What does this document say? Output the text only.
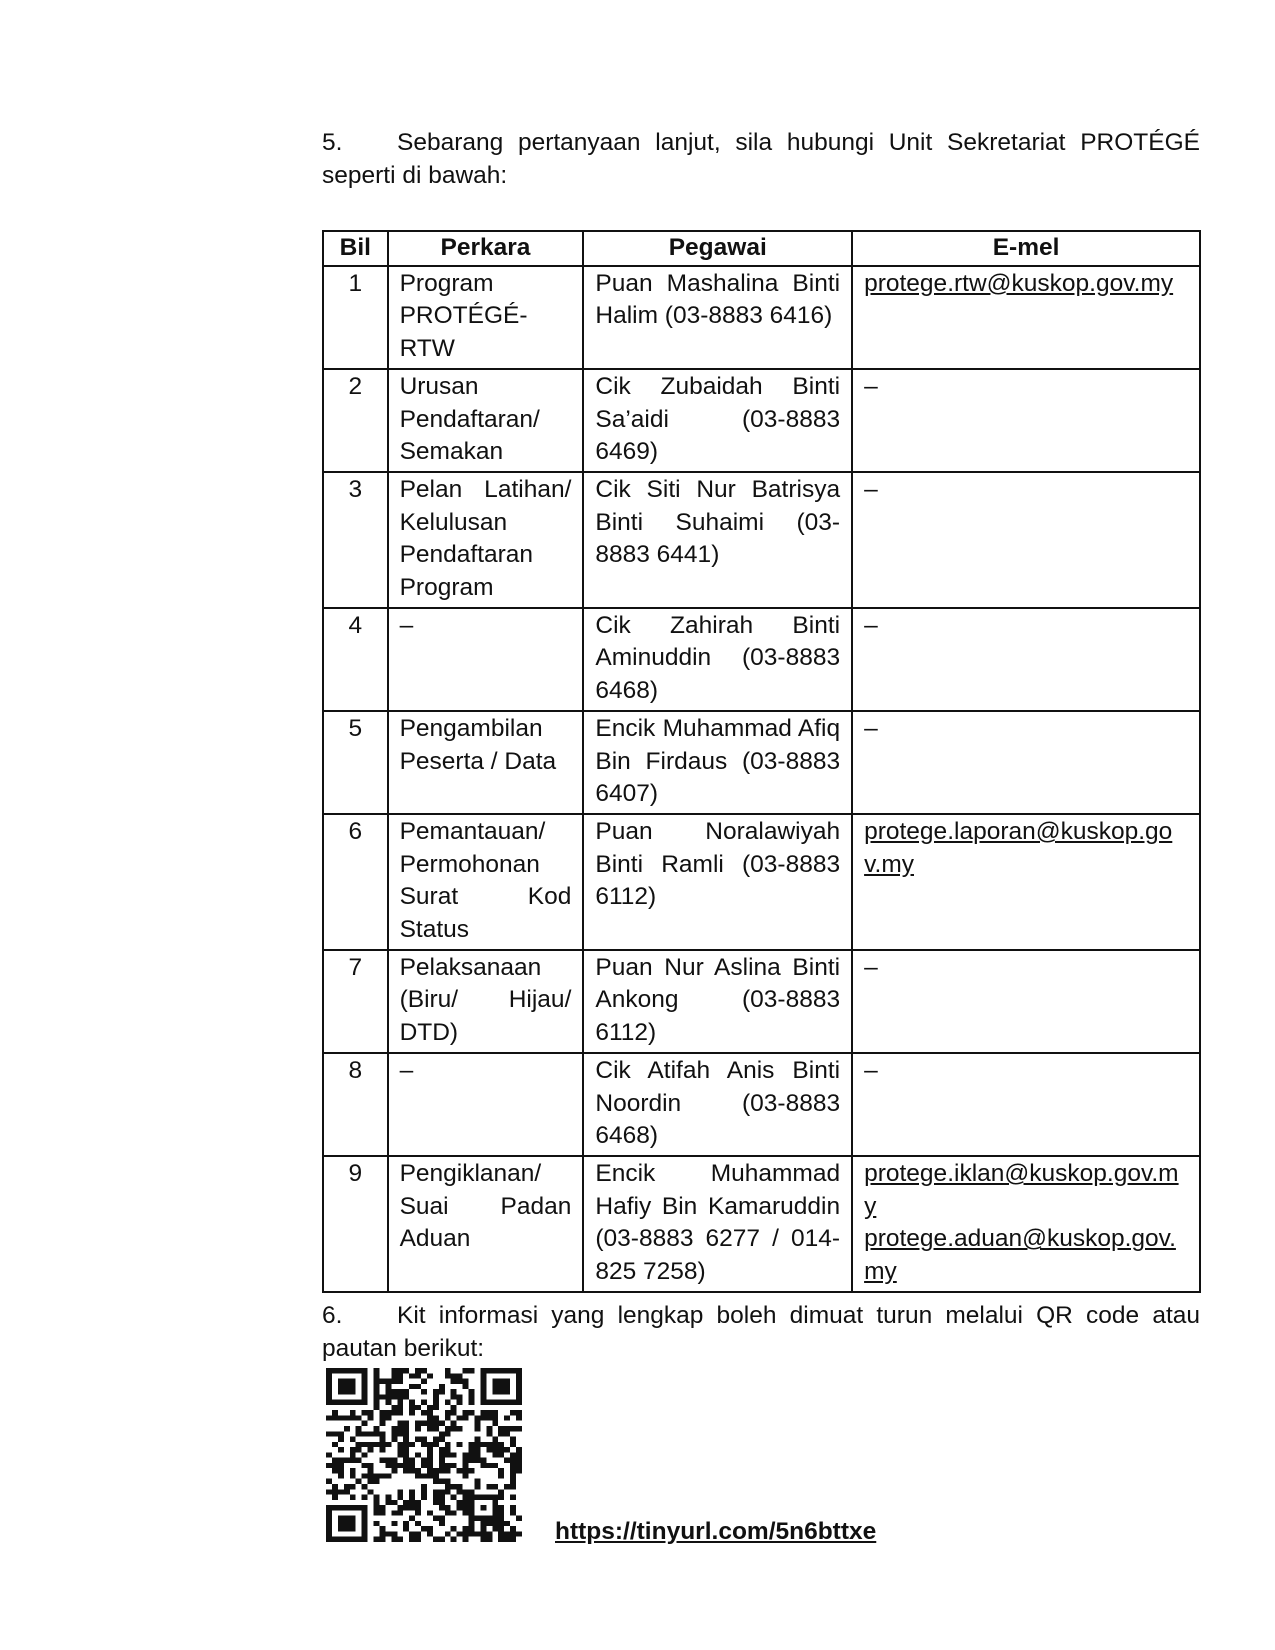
5. Sebarang pertanyaan lanjut, sila hubungi Unit Sekretariat PROTÉGÉ seperti di bawah:

Bil	Perkara	Pegawai	E-mel
1	Program PROTÉGÉ-RTW	Puan Mashalina Binti Halim (03-8883 6416)	protege.rtw@kuskop.gov.my

2	Urusan Pendaftaran/ Semakan	Cik Zubaidah Binti Sa’aidi (03-8883 6469)	–
3	Pelan Latihan/ Kelulusan Pendaftaran Program	Cik Siti Nur Batrisya Binti Suhaimi (03-8883 6441)	–
4	–	Cik Zahirah Binti Aminuddin (03-8883 6468)	–
5	Pengambilan Peserta / Data	Encik Muhammad Afiq Bin Firdaus (03-8883 6407)	–
6	Pemantauan/ Permohonan Surat Kod Status	Puan Noralawiyah Binti Ramli (03-8883 6112)	protege.laporan@kuskop.gov.my

7	Pelaksanaan (Biru/ Hijau/ DTD)	Puan Nur Aslina Binti Ankong (03-8883 6112)	–
8	–	Cik Atifah Anis Binti Noordin (03-8883 6468)	–
9	Pengiklanan/ Suai Padan Aduan	Encik Muhammad Hafiy Bin Kamaruddin (03-8883 6277 / 014-825 7258)	protege.iklan@kuskop.gov.my
protege.aduan@kuskop.gov.my

6. Kit informasi yang lengkap boleh dimuat turun melalui QR code atau pautan berikut:

https://tinyurl.com/5n6bttxe
